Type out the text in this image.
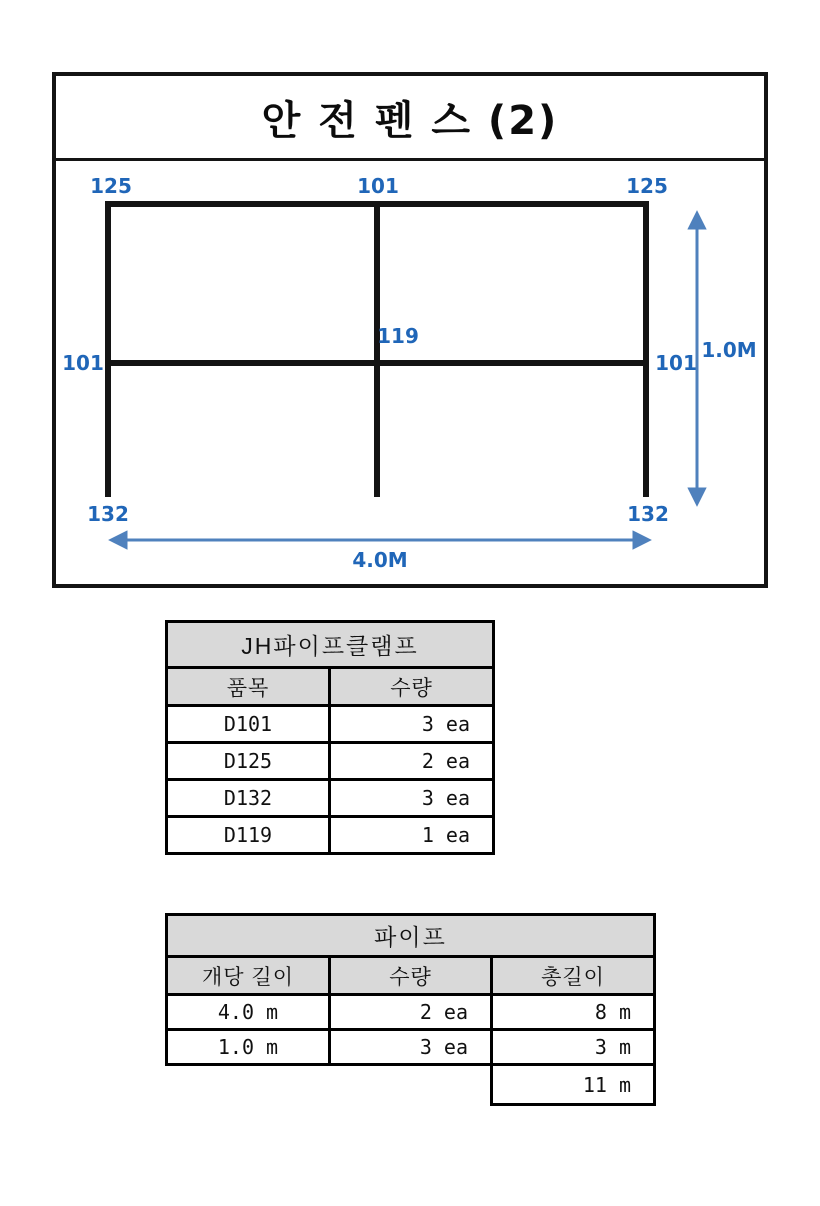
안 전 펜 스 (2)
125	101	125
119
101	101
132	132
4.0M
1.0M
JH파이프클램프	
품목	수량
D101	3 ea
D125	2 ea
D132	3 ea
D119	1 ea
파이프		
개당 길이	수량	총길이
4.0 m	2 ea	8 m
1.0 m	3 ea	3 m
		11 m
